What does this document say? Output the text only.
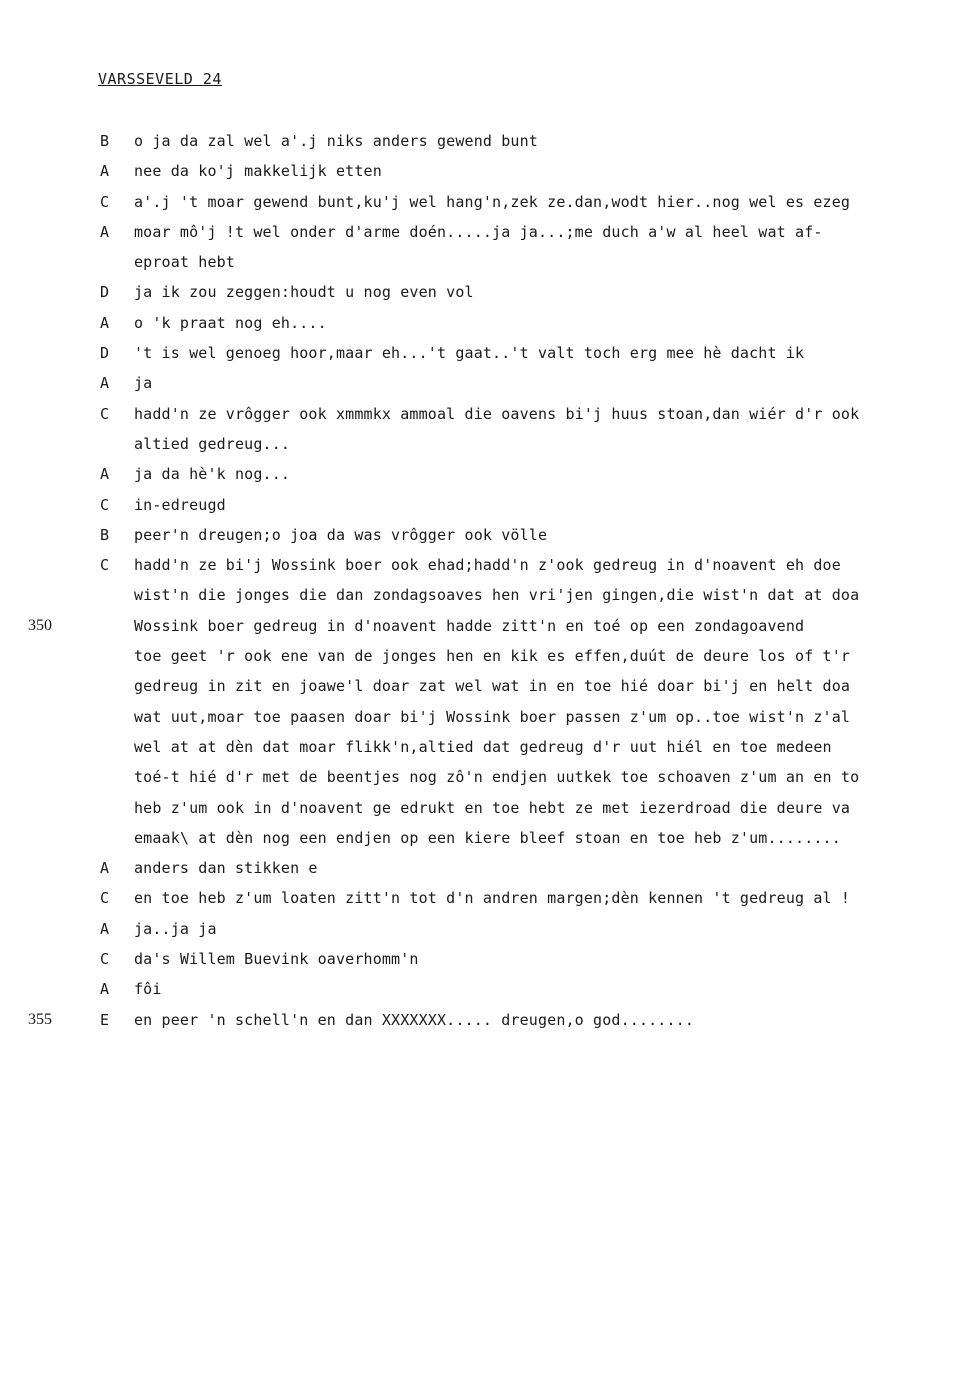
VARSSEVELD 24
B	o ja da zal wel a'.j niks anders gewend bunt
A	nee da ko'j makkelijk etten
C	a'.j 't moar gewend bunt,ku'j wel hang'n,zek ze.dan,wodt hier..nog wel es ezeg
A	moar mô'j !t wel onder d'arme doén.....ja ja...;me duch a'w al heel wat af-
eproat hebt
D	ja ik zou zeggen:houdt u nog even vol
A	o 'k praat nog eh....
D	't is wel genoeg hoor,maar eh...'t gaat..'t valt toch erg mee hè dacht ik
A	ja
C	hadd'n ze vrôgger ook xmmmkx ammoal die oavens bi'j huus stoan,dan wiér d'r ook
altied gedreug...
A	ja da hè'k nog...
C	in-edreugd
B	peer'n dreugen;o joa da was vrôgger ook völle
C	hadd'n ze bi'j Wossink boer ook ehad;hadd'n z'ook gedreug in d'noavent eh doe
wist'n die jonges die dan zondagsoaves hen vri'jen gingen,die wist'n dat at doa
350	Wossink boer gedreug in d'noavent hadde zitt'n en toé op een zondagoavend
toe geet 'r ook ene van de jonges hen en kik es effen,duút de deure los of t'r
gedreug in zit en joawe'l doar zat wel wat in en toe hié doar bi'j en helt doa
wat uut,moar toe paasen doar bi'j Wossink boer passen z'um op..toe wist'n z'al
wel at at dèn dat moar flikk'n,altied dat gedreug d'r uut hiél en toe medeen
toé-t hié d'r met de beentjes nog zô'n endjen uutkek toe schoaven z'um an en to
heb z'um ook in d'noavent ge edrukt en toe hebt ze met iezerdroad die deure va
emaak\ at dèn nog een endjen op een kiere bleef stoan en toe heb z'um........
A	anders dan stikken e
C	en toe heb z'um loaten zitt'n tot d'n andren margen;dèn kennen 't gedreug al !
A	ja..ja ja
C	da's Willem Buevink oaverhomm'n
A	fôi
355	E	en peer 'n schell'n en dan XXXXXXX..... dreugen,o god........
